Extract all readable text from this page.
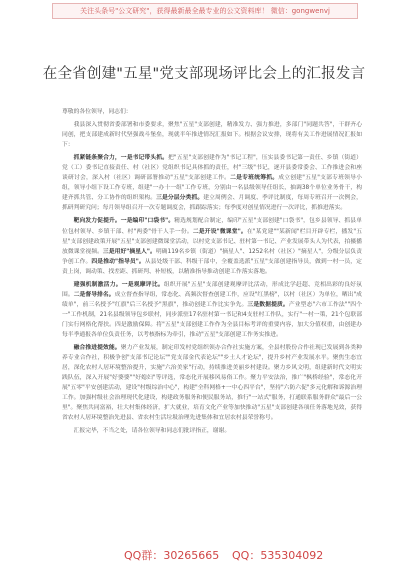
关注头条号"公文研究"，获得最新最全最专业的公文资料库！ 微信：gongwenvj
在全省创建"五星"党支部现场评比会上的汇报发言

尊敬的各位领导，同志们：

我县深入贯彻省委部署和市委要求，聚焦"五星"支部创建，精准发力、强力推进，多部门"同题共答"，干群齐心同创，把支部建成新时代坚强战斗堡垒，现就半年推进情况汇报如下。根据会议安排，现将有关工作进展情况汇报如下：

抓紧链条聚合力，一是书记带头抓。把"五星"支部创建作为"书记工程"，压实县委书记第一责任、乡镇（街道）党（工）委书记直接责任、村（社区）党组织书记具体抓的责任，村"三级"书记，逐开县委常委会、工作推进会和座谈研讨会，深入村（社区）调研部署推动"五星"支部创建工作。二是专班统筹抓。成立创建"五星"支部专班领导小组，领导小组下设工作专班，组建"一办十一组"工作专班，分别由一名县级领导任组长，抽调38个单位业务骨干，构建齐抓共管、分工协作的组织架构。三是分层分类抓。建立周例会、月调度、季评比制度，每周专班召开一次例会，抓研判研究问；每月领导组召开一次专题调度会，抓跟踪落实；每季度对创星情况进行一次评比，抓推进落实。

靶向发力促提升。一是编印"口袋书"。精选规划配合制定，编印"五星"支部创建"口袋书"，包乡县领导、抓县单位包村领导、乡镇干部、村"两委"骨干人手一份。二是开设"微课堂"。在"某党建""某新闻"栏目开辟专栏，播发"五星"支部创建政策开展"五星"支部创建微课堂活动，以村党支部书记、驻村第一书记、产业发展带头人为代表，拍摄播放微课堂视频。三是用好"摘星人"。明确119名乡镇（街道）"摘星人"、1252名村（社区）"摘星人"，分级分层负责争创工作。四是推动"指导员"。从县处级干部、科级干部中，全覆盖选派"五星"支部创建指导员，做到一村一员，定责上岗，调动策、找差距、抓研判、补短板，以精准指导推动创建工作落实落地。

建强机制激活力。一是观摩评比。组织开展"五星"支部创建观摩评比活动，形成比学赶超、竞相出彩的良好氛围。二是督导排名。成立督查指导组，常态化、高频次督查创建工作，应设"红黑榜"，以村（社区）为单位，晒出"成绩单"，前三名授予"红旗"后三名授予"黑旗"，推动创建工作比实争先。三是数据提质。产业型态"六市工作法""四个一"工作机制，21名县级领导包乡联村，同步派驻17名驻村第一书记和4支驻村工作队，实行"一村一策，21个包联部门实行网格化帮扶。四是激励保障。将"五星"支部创建工作作为全县目标考评的重要内容，加大分值权重，由创建办每半季通报各单位负责任务，以考核指标为牵引，推动"五星"支部创建工作务实推进。

融合推进提效能。聚力产业发展，制定印发村党组织领办合作社实施方案，全县村股份合作社现已发展到各类种养专业合作社，积极争创"支部书记论坛""党支部金代表论坛""乡土人才论坛"，提升乡村产业发展水平。聚焦生态宜居，深化农村人居环境整治提升，实施"六治美家"行动，持续推进美丽乡村建设。聚力乡风文明，组建新时代文明实践队伍，深入开展"好婆婆""好媳妇"等评选，常态化开展移风易俗工作。聚力平安法治，推广"枫桥经验"，常态化开展"五零"平安创建活动，建设"村级综治中心"，构建"全科网格+一中心四平台"，坚持"六防六促"多元化解和诉源治理工作。加强村级社会治理现代化建设，构建政务服务和便民服务站，推行"一站式"服务，打通联系服务群众"最后一公里"。聚焦共同富裕，壮大村集体经济，扩大就业，培育文化产业等加快推动"五星"支部创建各项任务落地见效，获得省农村人居环境整治先进县、省农村生活垃圾治理先进集体和宜居农村县荣誉称号。

汇报完毕，不当之处，请各位领导和同志们批评指正，谢谢。

QQ群：30265665 QQ：535304092
